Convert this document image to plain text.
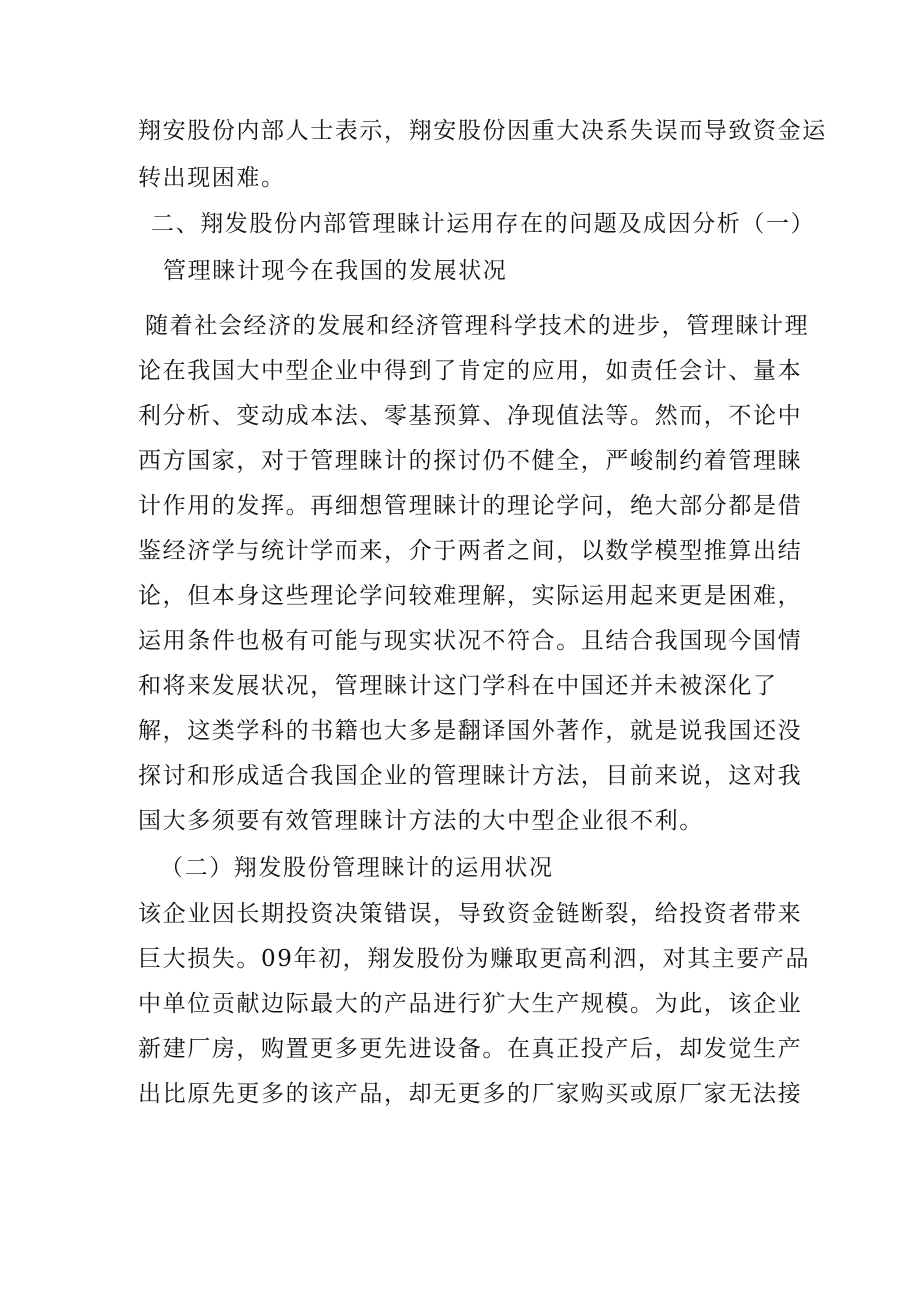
翔安股份内部人士表示，翔安股份因重大决系失误而导致资金运
转出现困难。
二、翔发股份内部管理睐计运用存在的问题及成因分析（一）
管理睐计现今在我国的发展状况
随着社会经济的发展和经济管理科学技术的进步，管理睐计理
论在我国大中型企业中得到了肯定的应用，如责任会计、量本
利分析、变动成本法、零基预算、净现值法等。然而，不论中
西方国家，对于管理睐计的探讨仍不健全，严峻制约着管理睐
计作用的发挥。再细想管理睐计的理论学问，绝大部分都是借
鉴经济学与统计学而来，介于两者之间，以数学模型推算出结
论，但本身这些理论学问较难理解，实际运用起来更是困难，
运用条件也极有可能与现实状况不符合。且结合我国现今国情
和将来发展状况，管理睐计这门学科在中国还并未被深化了
解，这类学科的书籍也大多是翻译国外著作，就是说我国还没
探讨和形成适合我国企业的管理睐计方法，目前来说，这对我
国大多须要有效管理睐计方法的大中型企业很不利。
（二）翔发股份管理睐计的运用状况
该企业因长期投资决策错误，导致资金链断裂，给投资者带来
巨大损失。09年初，翔发股份为赚取更高利泗，对其主要产品
中单位贡献边际最大的产品进行犷大生产规模。为此，该企业
新建厂房，购置更多更先进设备。在真正投产后，却发觉生产
出比原先更多的该产品，却无更多的厂家购买或原厂家无法接
